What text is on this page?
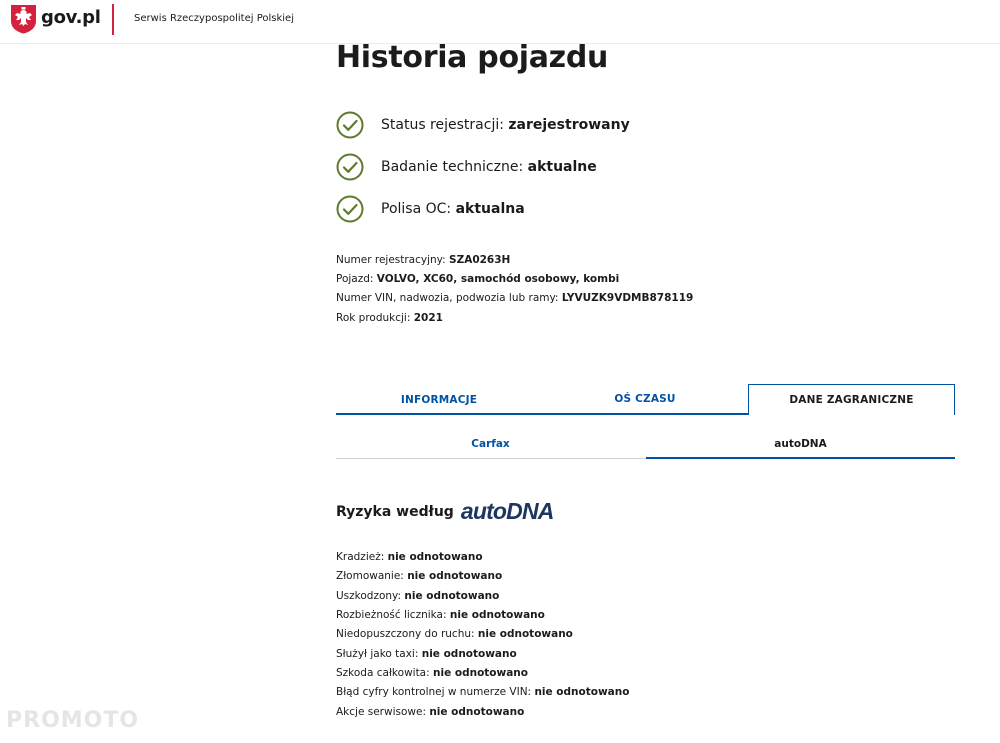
gov.pl	Serwis Rzeczypospolitej Polskiej
Historia pojazdu
Status rejestracji: zarejestrowany
Badanie techniczne: aktualne
Polisa OC: aktualna
Numer rejestracyjny: SZA0263H
Pojazd: VOLVO, XC60, samochód osobowy, kombi
Numer VIN, nadwozia, podwozia lub ramy: LYVUZK9VDMB878119
Rok produkcji: 2021
INFORMACJE	OŚ CZASU	DANE ZAGRANICZNE
Carfax	autoDNA
Ryzyka według autoDNA
Kradzież: nie odnotowano
Złomowanie: nie odnotowano
Uszkodzony: nie odnotowano
Rozbieżność licznika: nie odnotowano
Niedopuszczony do ruchu: nie odnotowano
Służył jako taxi: nie odnotowano
Szkoda całkowita: nie odnotowano
Błąd cyfry kontrolnej w numerze VIN: nie odnotowano
Akcje serwisowe: nie odnotowano
PROMOTO
